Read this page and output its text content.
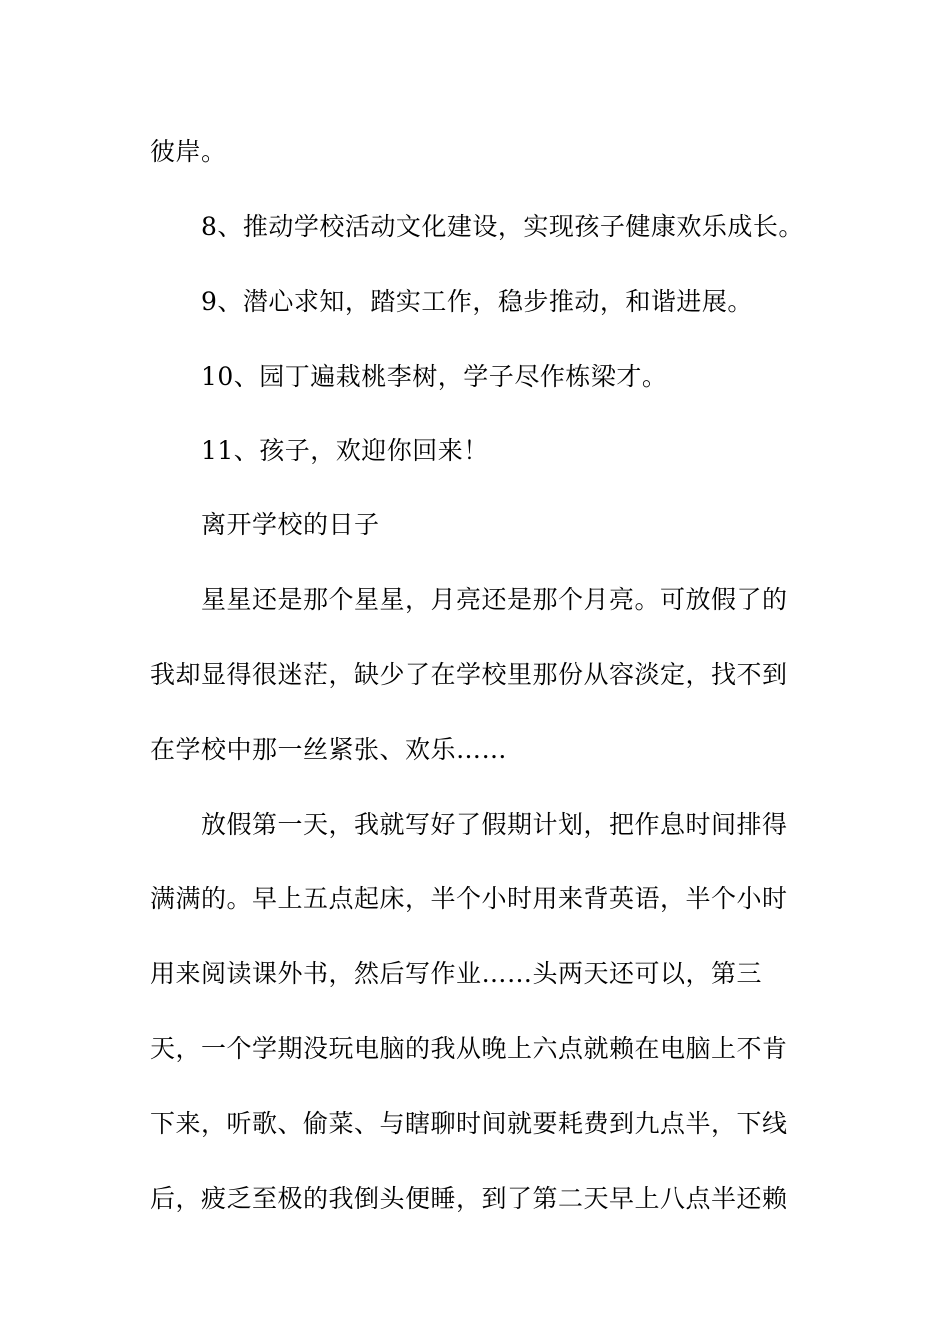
彼岸。
8、推动学校活动文化建设，实现孩子健康欢乐成长。
9、潜心求知，踏实工作，稳步推动，和谐进展。
10、园丁遍栽桃李树，学子尽作栋梁才。
11、孩子，欢迎你回来！
离开学校的日子
星星还是那个星星，月亮还是那个月亮。可放假了的
我却显得很迷茫，缺少了在学校里那份从容淡定，找不到
在学校中那一丝紧张、欢乐……
放假第一天，我就写好了假期计划，把作息时间排得
满满的。早上五点起床，半个小时用来背英语，半个小时
用来阅读课外书，然后写作业……头两天还可以，第三
天，一个学期没玩电脑的我从晚上六点就赖在电脑上不肯
下来，听歌、偷菜、与瞎聊时间就要耗费到九点半，下线
后，疲乏至极的我倒头便睡，到了第二天早上八点半还赖
